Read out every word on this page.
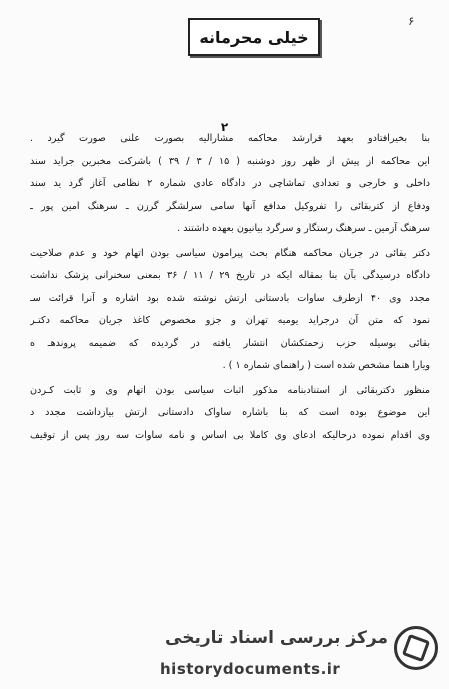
۶
خیلی محرمانه
۲
بنا بخیرافتادو بعهد قرارشد محاکمه مشارالیه بصورت علنی صورت گیرد .
این محاکمه از پیش از ظهر روز دوشنبه ( ۱۵ / ۳ / ۳۹ ) باشرکت مخبرین جراید سند
داخلی و خارجی و تعدادی تماشاچی در دادگاه عادی شماره ۲ نظامی آغاز گرد ید سند
ودفاع از کتربقائی را تفروکیل مدافع آنها سامی سرلشگر گرزن ـ سرهنگ امین پور ـ
سرهنگ آزمین ـ سرهنگ رستگار و سرگرد بیانیون بعهده داشتند .
دکتر بقائی در جریان محاکمه هنگام بحث پیرامون سیاسی بودن اتهام خود و عدم صلاحیت
دادگاه درسیدگی بآن بنا بمقاله ایکه در تاریخ ۲۹ / ۱۱ / ۳۶ بمعنی سخنرانی پزشک نداشت
مجدد وی ۴۰ ازطرف ساوات بادستانی ارتش نوشته شده بود اشاره و آنرا قرائت سـ
نمود که متن آن درجراید یومیه تهران و جزو مخصوص کاغذ جریان محاکمه دکتـر
بقائی بوسیله حزب زحمتکشان انتشار یافته در گردیده که ضمیمه پروندهـ ه
ویارا هنما مشخص شده است ( راهنمای شماره ۱ ) .
منظور دکتربقائی از استنادبنامه مذکور اثبات سیاسی بودن اتهام وی و ثابت کـردن
این موضوع بوده است که بنا باشاره ساواک دادستانی ارتش بیازداشت مجدد د
وی اقدام نموده درحالیکه ادعای وی کاملا بی اساس و نامه ساوات سه روز پس از توقیف
مرکز بررسی اسناد تاریخی
historydocuments.ir
